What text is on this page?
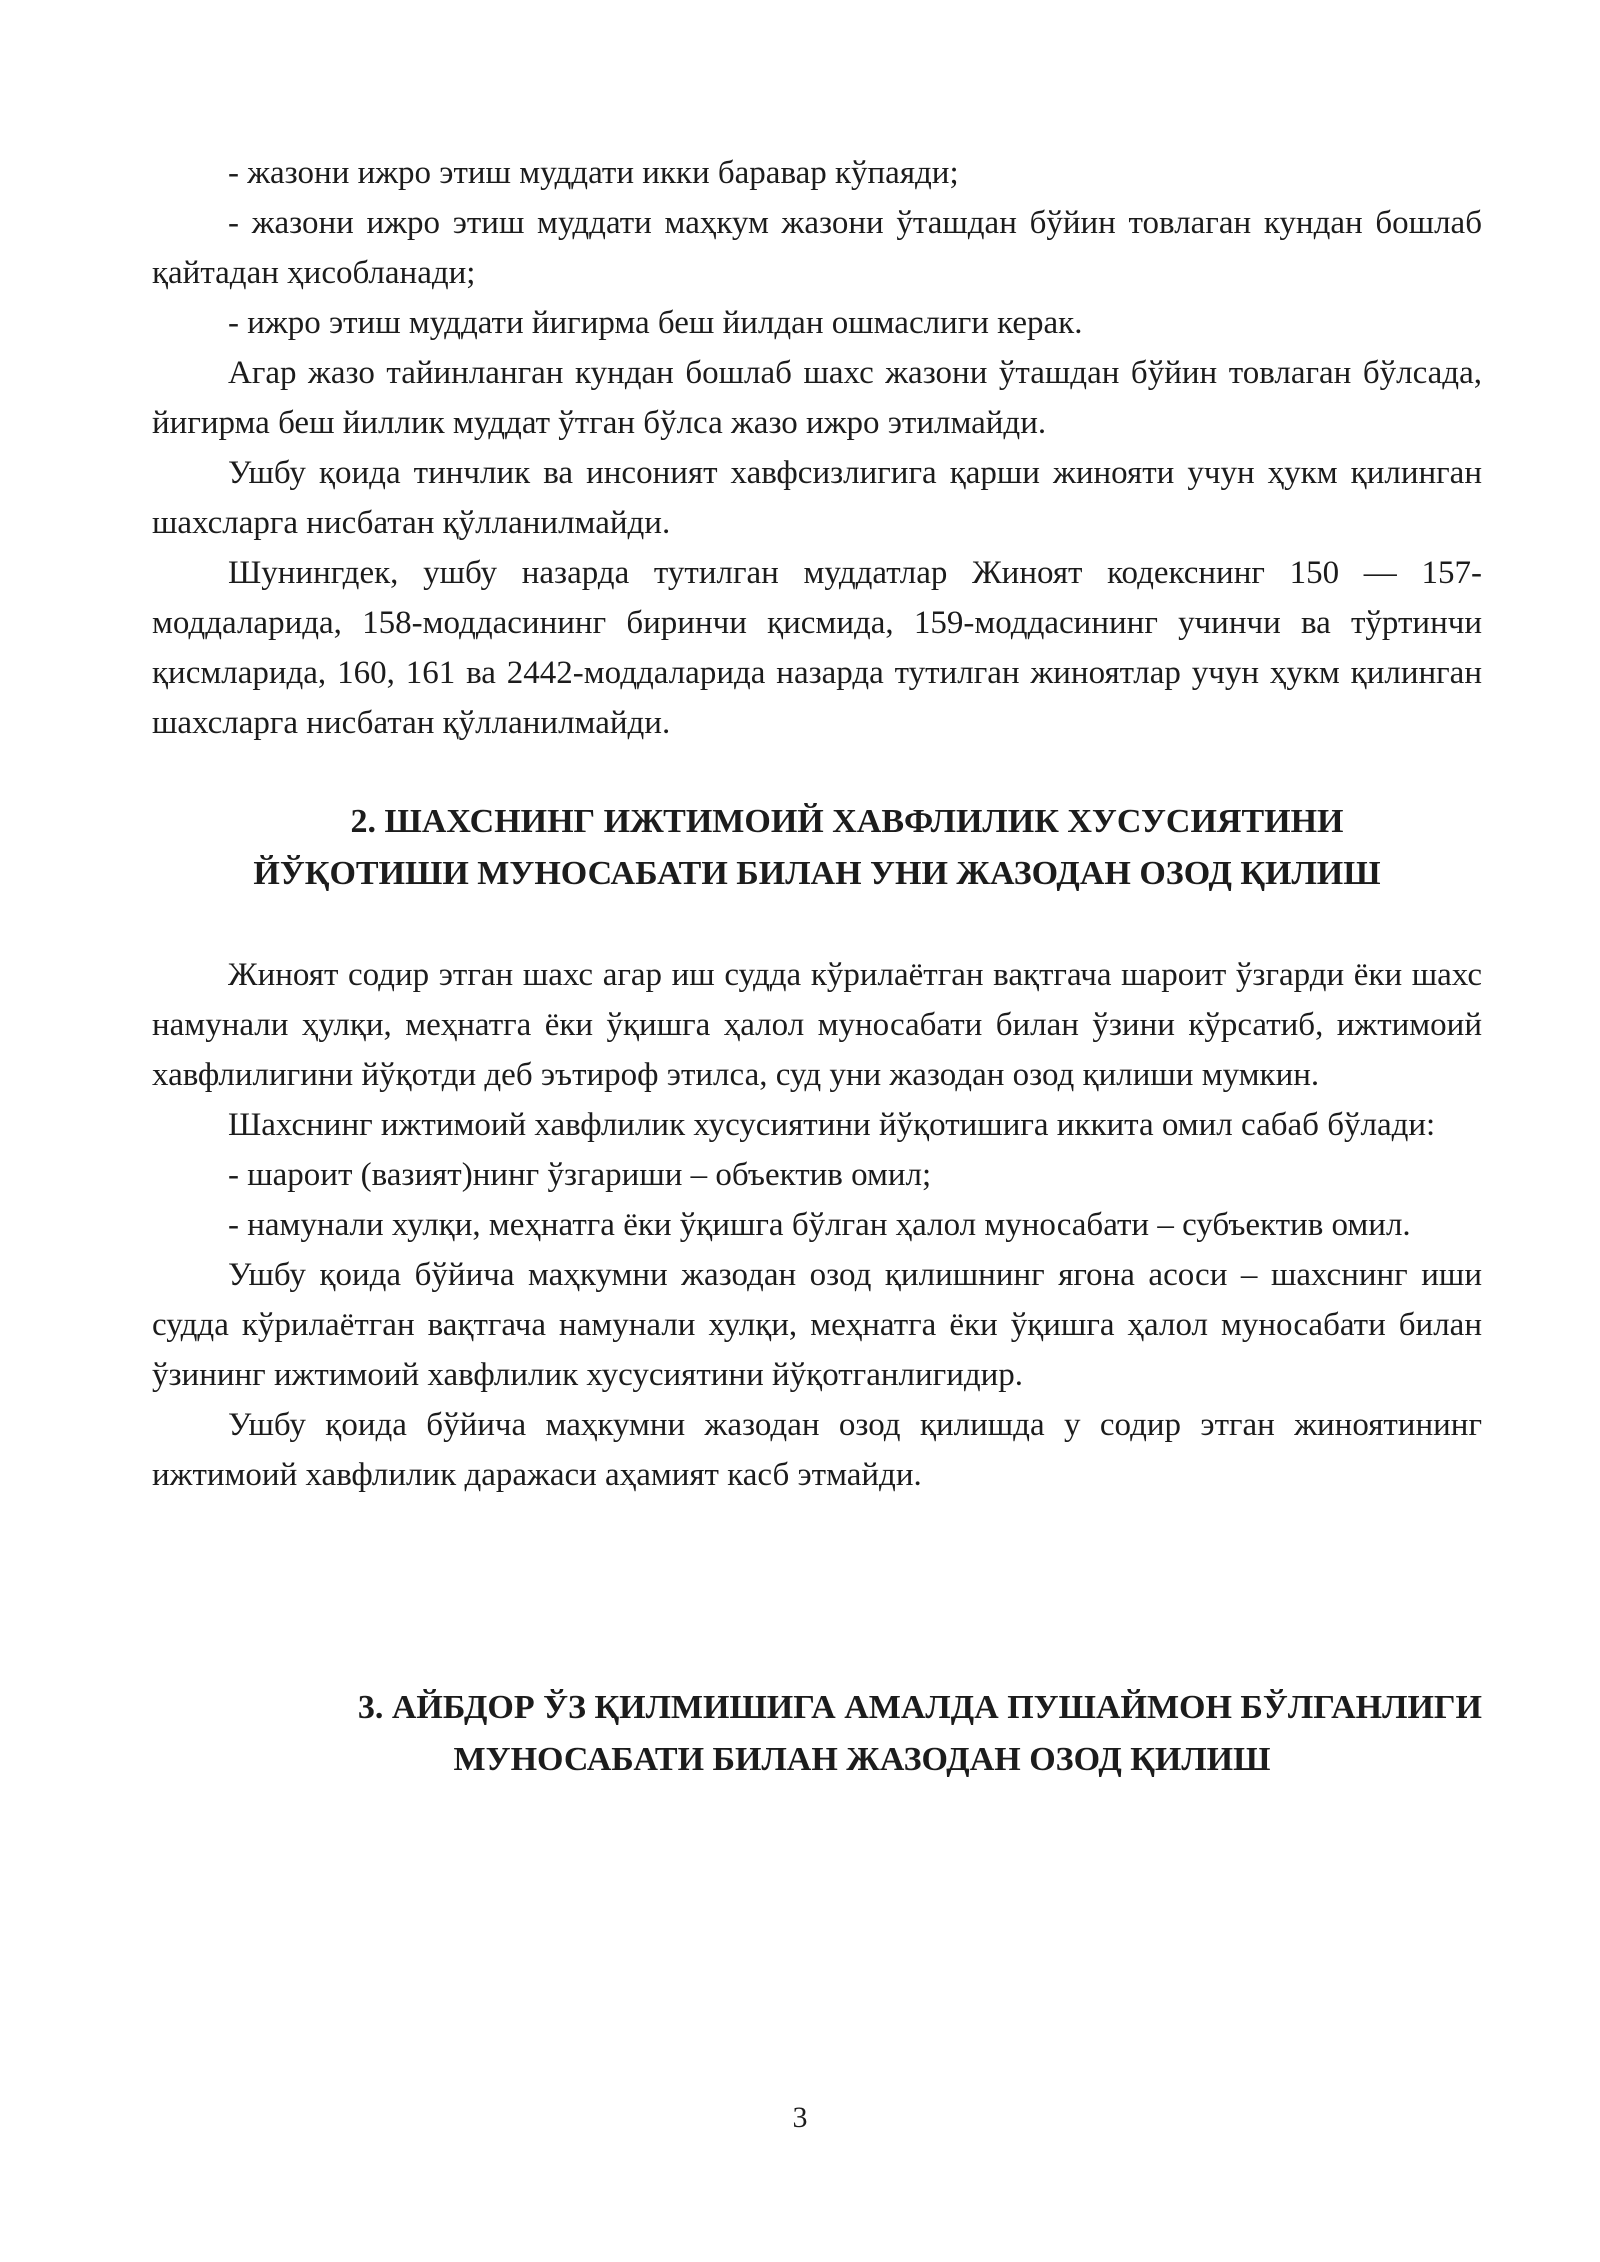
- жазони ижро этиш муддати икки баравар кўпаяди;

- жазони ижро этиш муддати маҳкум жазони ўташдан бўйин товлаган кундан бошлаб қайтадан ҳисобланади;

- ижро этиш муддати йигирма беш йилдан ошмаслиги керак.

Агар жазо тайинланган кундан бошлаб шахс жазони ўташдан бўйин товлаган бўлсада, йигирма беш йиллик муддат ўтган бўлса жазо ижро этилмайди.

Ушбу қоида тинчлик ва инсоният хавфсизлигига қарши жинояти учун ҳукм қилинган шахсларга нисбатан қўлланилмайди.

Шунингдек, ушбу назарда тутилган муддатлар Жиноят кодекснинг 150 — 157-моддаларида, 158-моддасининг биринчи қисмида, 159-моддасининг учинчи ва тўртинчи қисмларида, 160, 161 ва 2442-моддаларида назарда тутилган жиноятлар учун ҳукм қилинган шахсларга нисбатан қўлланилмайди.

2. ШАХСНИНГ ИЖТИМОИЙ ХАВФЛИЛИК ХУСУСИЯТИНИ
ЙЎҚОТИШИ МУНОСАБАТИ БИЛАН УНИ ЖАЗОДАН ОЗОД ҚИЛИШ

Жиноят содир этган шахс агар иш судда кўрилаётган вақтгача шароит ўзгарди ёки шахс намунали ҳулқи, меҳнатга ёки ўқишга ҳалол муносабати билан ўзини кўрсатиб, ижтимоий хавфлилигини йўқотди деб эътироф этилса, суд уни жазодан озод қилиши мумкин.

Шахснинг ижтимоий хавфлилик хусусиятини йўқотишига иккита омил сабаб бўлади:

- шароит (вазият)нинг ўзгариши – объектив омил;

- намунали хулқи, меҳнатга ёки ўқишга бўлган ҳалол муносабати – субъектив омил.

Ушбу қоида бўйича маҳкумни жазодан озод қилишнинг ягона асоси – шахснинг иши судда кўрилаётган вақтгача намунали хулқи, меҳнатга ёки ўқишга ҳалол муносабати билан ўзининг ижтимоий хавфлилик хусусиятини йўқотганлигидир.

Ушбу қоида бўйича маҳкумни жазодан озод қилишда у содир этган жиноятининг ижтимоий хавфлилик даражаси аҳамият касб этмайди.

3. АЙБДОР ЎЗ ҚИЛМИШИГА АМАЛДА ПУШАЙМОН БЎЛГАНЛИГИ
МУНОСАБАТИ БИЛАН ЖАЗОДАН ОЗОД ҚИЛИШ
3
